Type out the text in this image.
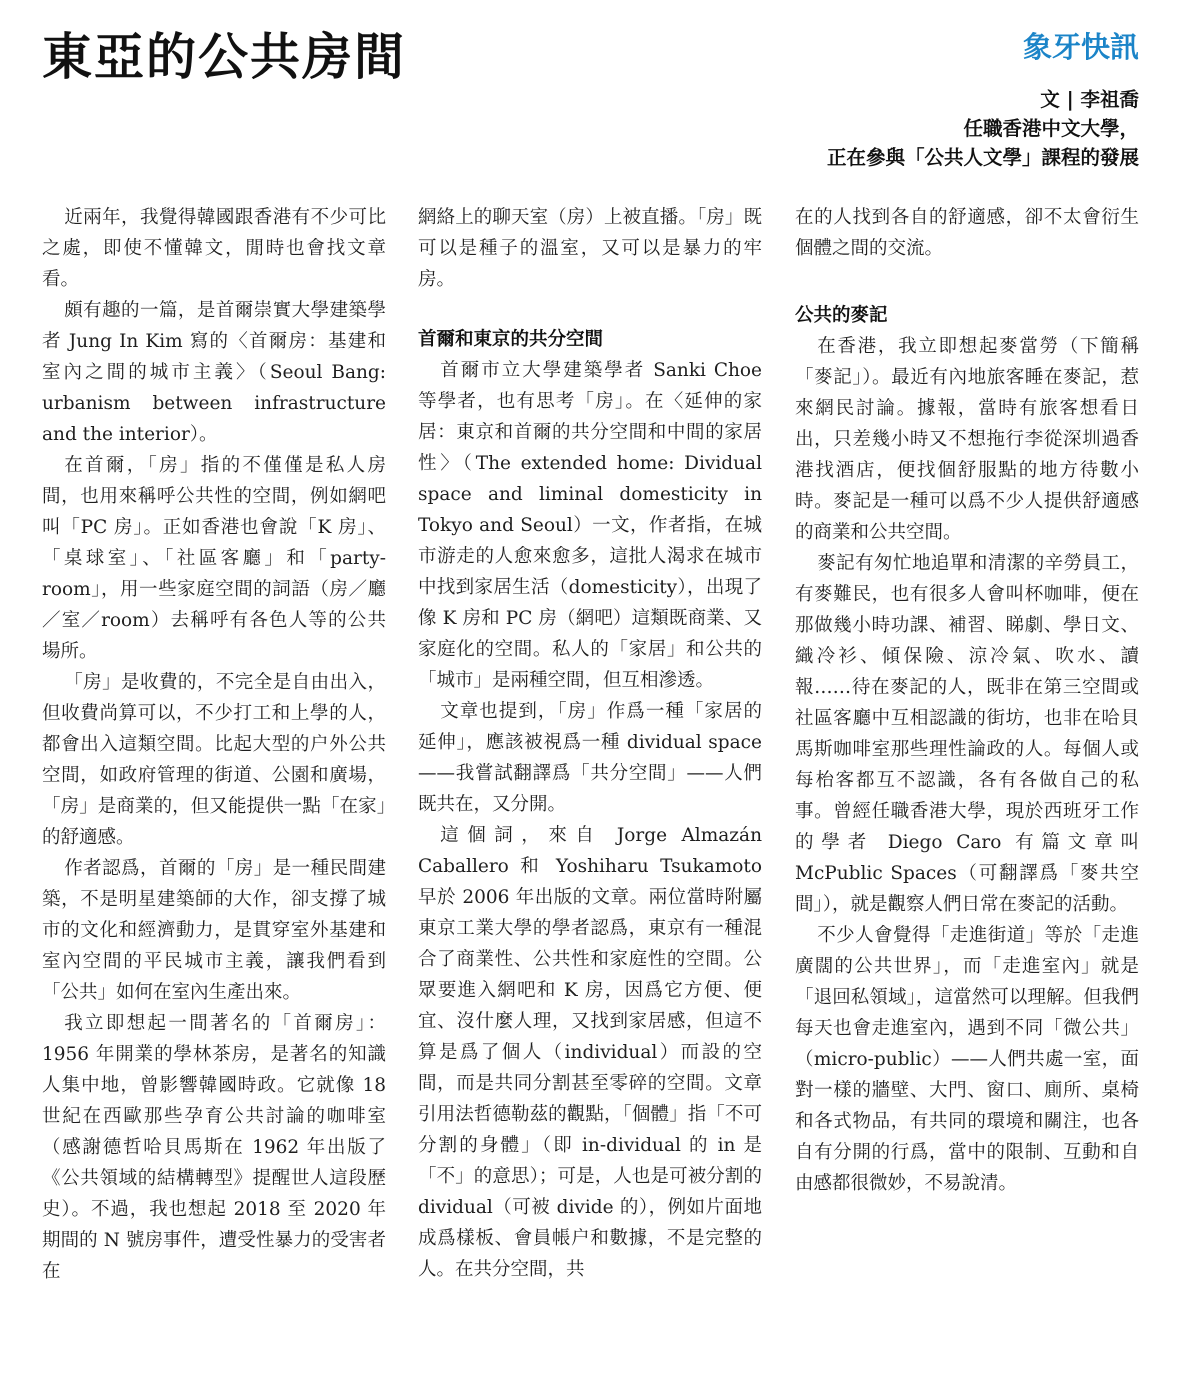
東亞的公共房間	象牙快訊
文 | 李祖喬
任職香港中文大學，
正在參與「公共人文學」課程的發展

近兩年，我覺得韓國跟香港有不少可比之處，即使不懂韓文，閒時也會找文章看。

頗有趣的一篇，是首爾崇實大學建築學者 Jung In Kim 寫的〈首爾房：基建和室內之間的城市主義〉（Seoul Bang: urbanism between infrastructure and the interior）。

在首爾，「房」指的不僅僅是私人房間，也用來稱呼公共性的空間，例如網吧叫「PC 房」。正如香港也會說「K 房」、「桌球室」、「社區客廳」和「party-room」，用一些家庭空間的詞語（房／廳／室／room）去稱呼有各色人等的公共場所。

「房」是收費的，不完全是自由出入，但收費尚算可以，不少打工和上學的人，都會出入這類空間。比起大型的户外公共空間，如政府管理的街道、公園和廣場，「房」是商業的，但又能提供一點「在家」的舒適感。

作者認爲，首爾的「房」是一種民間建築，不是明星建築師的大作，卻支撐了城市的文化和經濟動力，是貫穿室外基建和室內空間的平民城市主義，讓我們看到「公共」如何在室內生產出來。

我立即想起一間著名的「首爾房」：1956 年開業的學林茶房，是著名的知識人集中地，曾影響韓國時政。它就像 18 世紀在西歐那些孕育公共討論的咖啡室（感謝德哲哈貝馬斯在 1962 年出版了《公共領域的結構轉型》提醒世人這段歷史）。不過，我也想起 2018 至 2020 年期間的 N 號房事件，遭受性暴力的受害者在

網絡上的聊天室（房）上被直播。「房」既可以是種子的溫室，又可以是暴力的牢房。

首爾和東京的共分空間

首爾市立大學建築學者 Sanki Choe 等學者，也有思考「房」。在〈延伸的家居：東京和首爾的共分空間和中間的家居性〉（The extended home: Dividual space and liminal domesticity in Tokyo and Seoul）一文，作者指，在城市游走的人愈來愈多，這批人渴求在城市中找到家居生活（domesticity），出現了像 K 房和 PC 房（網吧）這類既商業、又家庭化的空間。私人的「家居」和公共的「城市」是兩種空間，但互相滲透。

文章也提到，「房」作爲一種「家居的延伸」，應該被視爲一種 dividual space ——我嘗試翻譯爲「共分空間」——人們既共在，又分開。

這個詞，來自 Jorge Almazán Caballero 和 Yoshiharu Tsukamoto 早於 2006 年出版的文章。兩位當時附屬東京工業大學的學者認爲，東京有一種混合了商業性、公共性和家庭性的空間。公眾要進入網吧和 K 房，因爲它方便、便宜、沒什麼人理，又找到家居感，但這不算是爲了個人（individual）而設的空間，而是共同分割甚至零碎的空間。文章引用法哲德勒茲的觀點，「個體」指「不可分割的身體」（即 in-dividual 的 in 是「不」的意思）；可是，人也是可被分割的 dividual（可被 divide 的），例如片面地成爲樣板、會員帳户和數據，不是完整的人。在共分空間，共

在的人找到各自的舒適感，卻不太會衍生個體之間的交流。

公共的麥記

在香港，我立即想起麥當勞（下簡稱「麥記」）。最近有內地旅客睡在麥記，惹來網民討論。據報，當時有旅客想看日出，只差幾小時又不想拖行李從深圳過香港找酒店，便找個舒服點的地方待數小時。麥記是一種可以爲不少人提供舒適感的商業和公共空間。

麥記有匆忙地追單和清潔的辛勞員工，有麥難民，也有很多人會叫杯咖啡，便在那做幾小時功課、補習、睇劇、學日文、織冷衫、傾保險、涼冷氣、吹水、讀報……待在麥記的人，既非在第三空間或社區客廳中互相認識的街坊，也非在哈貝馬斯咖啡室那些理性論政的人。每個人或每枱客都互不認識，各有各做自己的私事。曾經任職香港大學，現於西班牙工作的學者 Diego Caro 有篇文章叫 McPublic Spaces（可翻譯爲「麥共空間」），就是觀察人們日常在麥記的活動。

不少人會覺得「走進街道」等於「走進廣闊的公共世界」，而「走進室內」就是「退回私領域」，這當然可以理解。但我們每天也會走進室內，遇到不同「微公共」（micro-public）——人們共處一室，面對一樣的牆壁、大門、窗口、廁所、桌椅和各式物品，有共同的環境和關注，也各自有分開的行爲，當中的限制、互動和自由感都很微妙，不易說清。
